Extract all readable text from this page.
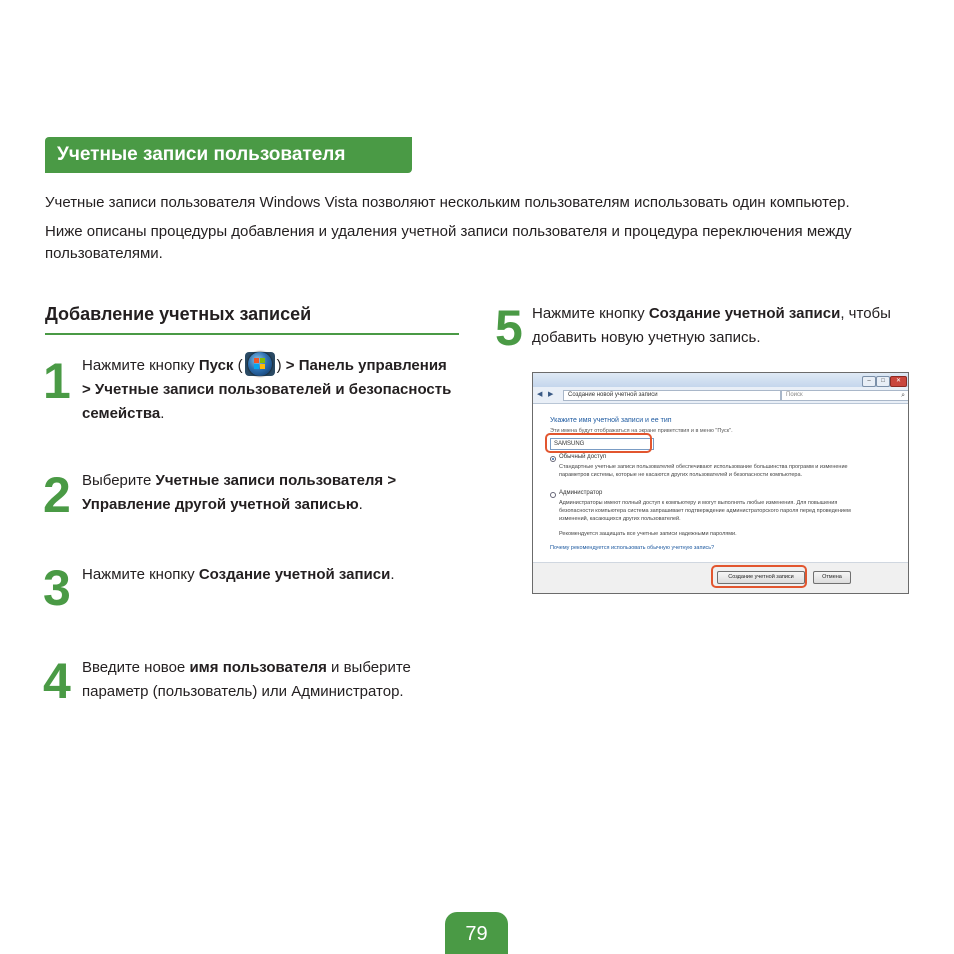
Учетные записи пользователя

Учетные записи пользователя Windows Vista позволяют нескольким пользователям использовать один компьютер.

Ниже описаны процедуры добавления и удаления учетной записи пользователя и процедура переключения между пользователями.

Добавление учетных записей
1 Нажмите кнопку Пуск ( ) > Панель управления > Учетные записи пользователей и безопасность семейства.

2 Выберите Учетные записи пользователя > Управление другой учетной записью.

3 Нажмите кнопку Создание учетной записи.

4 Введите новое имя пользователя и выберите параметр (пользователь) или Администратор.

5 Нажмите кнопку Создание учетной записи, чтобы добавить новую учетную запись.

–	□	✕
◀ ▶	Создание новой учетной записи	Поиск	⌕
Укажите имя учетной записи и ее тип
Эти имена будут отображаться на экране приветствия и в меню "Пуск".
SAMSUNG
Обычный доступ
Стандартные учетные записи пользователей обеспечивают использование большинства программ и изменение параметров системы, которые не касаются других пользователей и безопасности компьютера.
Администратор
Администраторы имеют полный доступ к компьютеру и могут выполнять любые изменения. Для повышения безопасности компьютера система запрашивает подтверждение администраторского пароля перед проведением изменений, касающихся других пользователей.
Рекомендуется защищать все учетные записи надежными паролями.
Почему рекомендуется использовать обычную учетную запись?
Создание учетной записи	Отмена
79
